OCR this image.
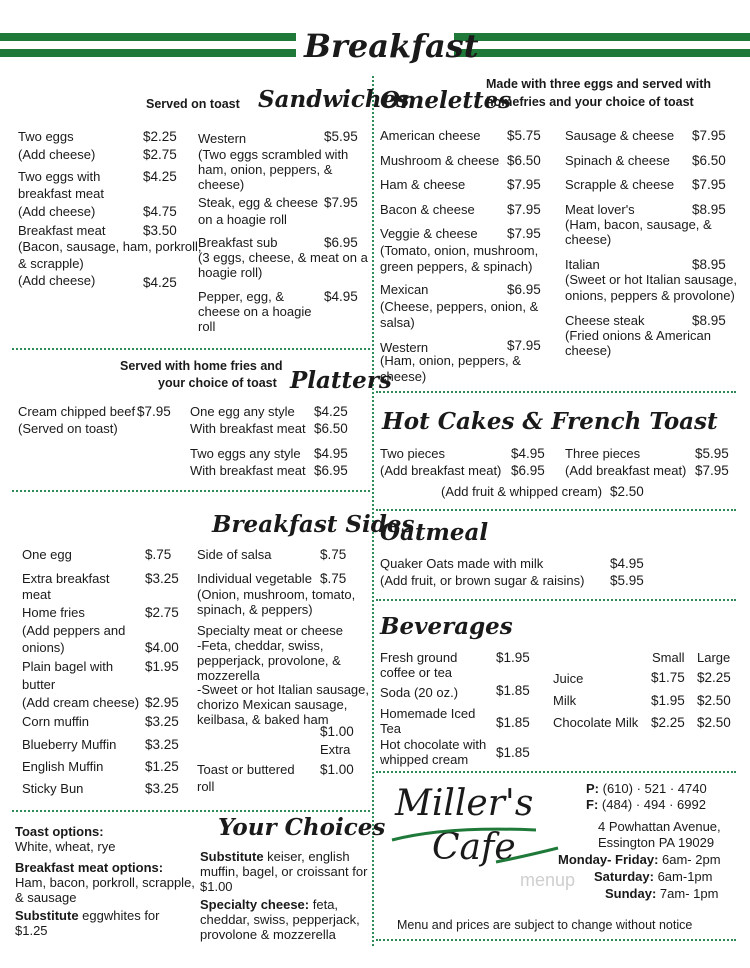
Breakfast
Served on toast Sandwiches
Two eggs	$2.25
(Add cheese)	$2.75
Two eggs with	$4.25
breakfast meat
(Add cheese)	$4.75
Breakfast meat	$3.50
(Bacon, sausage, ham, porkroll,
& scrapple)
(Add cheese)	$4.25
Western	$5.95
(Two eggs scrambled with
ham, onion, peppers, &
cheese)
Steak, egg & cheese $7.95
on a hoagie roll
Breakfast sub	$6.95
(3 eggs, cheese, & meat on a
hoagie roll)
Pepper, egg, &	$4.95
cheese on a hoagie
roll
Served with home fries and
your choice of toast Platters
Cream chipped beef $7.95
(Served on toast)
One egg any style $4.25
With breakfast meat $6.50
Two eggs any style $4.95
With breakfast meat $6.95
Breakfast Sides
One egg	$.75
Extra breakfast	$3.25
meat
Home fries	$2.75
(Add peppers and
onions)	$4.00
Plain bagel with $1.95
butter
(Add cream cheese) $2.95
Corn muffin	$3.25
Blueberry Muffin $3.25
English Muffin	$1.25
Sticky Bun	$3.25
Side of salsa	$.75
Individual vegetable $.75
(Onion, mushroom, tomato,
spinach, & peppers)
Specialty meat or cheese
-Feta, cheddar, swiss,
pepperjack, provolone, &
mozzerella
-Sweet or hot Italian sausage,
chorizo Mexican sausage,
keilbasa, & baked ham
$1.00
Extra
Toast or buttered $1.00
roll
Your Choices
Toast options:
White, wheat, rye
Breakfast meat options:
Ham, bacon, porkroll, scrapple,
& sausage
Substitute eggwhites for
$1.25
Substitute keiser, english
muffin, bagel, or croissant for
$1.00
Specialty cheese: feta,
cheddar, swiss, pepperjack,
provolone & mozzerella
Omelettes
Made with three eggs and served with
homefries and your choice of toast
American cheese $5.75
Mushroom & cheese $6.50
Ham & cheese	$7.95
Bacon & cheese $7.95
Veggie & cheese $7.95
(Tomato, onion, mushroom,
green peppers, & spinach)
Mexican	$6.95
(Cheese, peppers, onion, &
salsa)
Western	$7.95
(Ham, onion, peppers, &
cheese)
Sausage & cheese $7.95
Spinach & cheese $6.50
Scrapple & cheese $7.95
Meat lover's	$8.95
(Ham, bacon, sausage, &
cheese)
Italian	$8.95
(Sweet or hot Italian sausage,
onions, peppers & provolone)
Cheese steak	$8.95
(Fried onions & American
cheese)
Hot Cakes & French Toast
Two pieces	$4.95
(Add breakfast meat) $6.95
Three pieces	$5.95
(Add breakfast meat) $7.95
(Add fruit & whipped cream) $2.50
Oatmeal
Quaker Oats made with milk	$4.95
(Add fruit, or brown sugar & raisins) $5.95
Beverages
Small Large
Fresh ground
coffee or tea
$1.95
Soda (20 oz.)	$1.85
Homemade Iced
Tea	$1.85
Hot chocolate with
whipped cream $1.85
Juice	$1.75 $2.25
Milk	$1.95 $2.50
Chocolate Milk $2.25 $2.50
Miller's
Cafe
P: (610) · 521 · 4740
F: (484) · 494 · 6992
4 Powhattan Avenue,
Essington PA 19029
Monday- Friday: 6am- 2pm
Saturday: 6am-1pm
Sunday: 7am- 1pm
menup
Menu and prices are subject to change without notice
